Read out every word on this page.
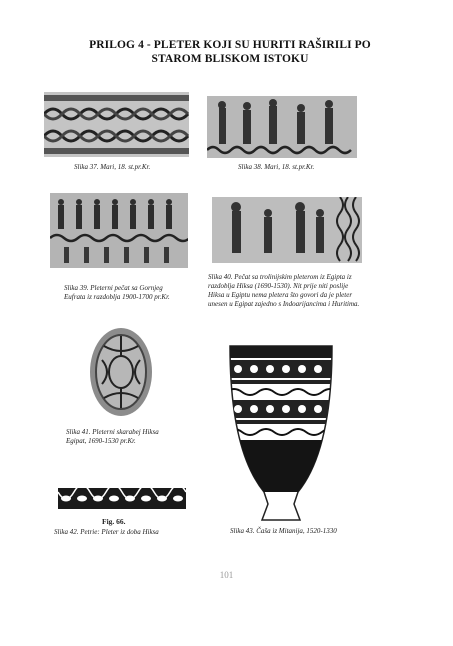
PRILOG 4 - PLETER KOJI SU HURITI RAŠIRILI PO
STAROM BLISKOM ISTOKU
Slika 37. Mari, 18. st.pr.Kr.	Slika 38. Mari, 18. st.pr.Kr.
Slika 39. Pleterni pečat sa Gornjeg
Eufrata iz razdoblja 1900-1700 pr.Kr.
Slika 40. Pečat sa trolinijskim pleterom iz Egipta iz
razdoblja Hiksa (1690-1530). Nit prije niti poslije
Hiksa u Egiptu nema pletera što govori da je pleter
unesen u Egipat zajedno s Indoarijancima i Huritima.
Slika 41. Pleterni skarabej Hiksa
Egipat, 1690-1530 pr.Kr.
Fig. 66.
Slika 42. Petrie: Pleter iz doba Hiksa	Slika 43. Čaša iz Mitanija, 1520-1330
101
